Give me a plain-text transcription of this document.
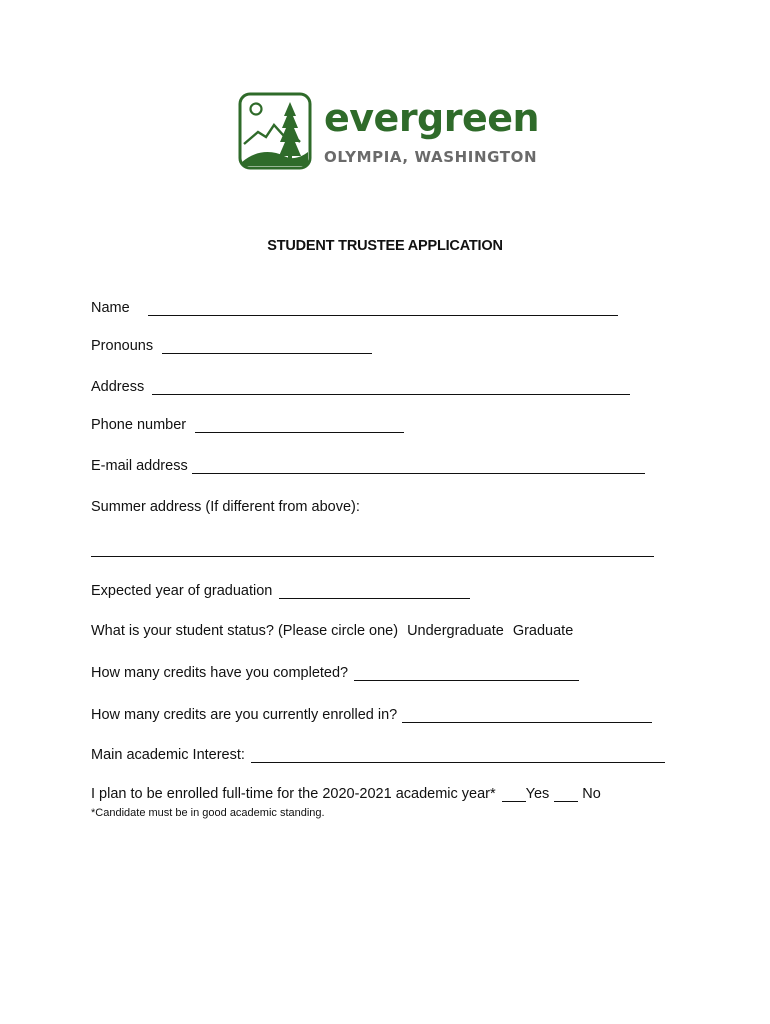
evergreen
OLYMPIA, WASHINGTON
STUDENT TRUSTEE APPLICATION
Name
Pronouns
Address
Phone number
E-mail address
Summer address (If different from above):
Expected year of graduation
What is your student status? (Please circle one) Undergraduate Graduate
How many credits have you completed?
How many credits are you currently enrolled in?
Main academic Interest:
I plan to be enrolled full-time for the 2020-2021 academic year* Yes No
*Candidate must be in good academic standing.
